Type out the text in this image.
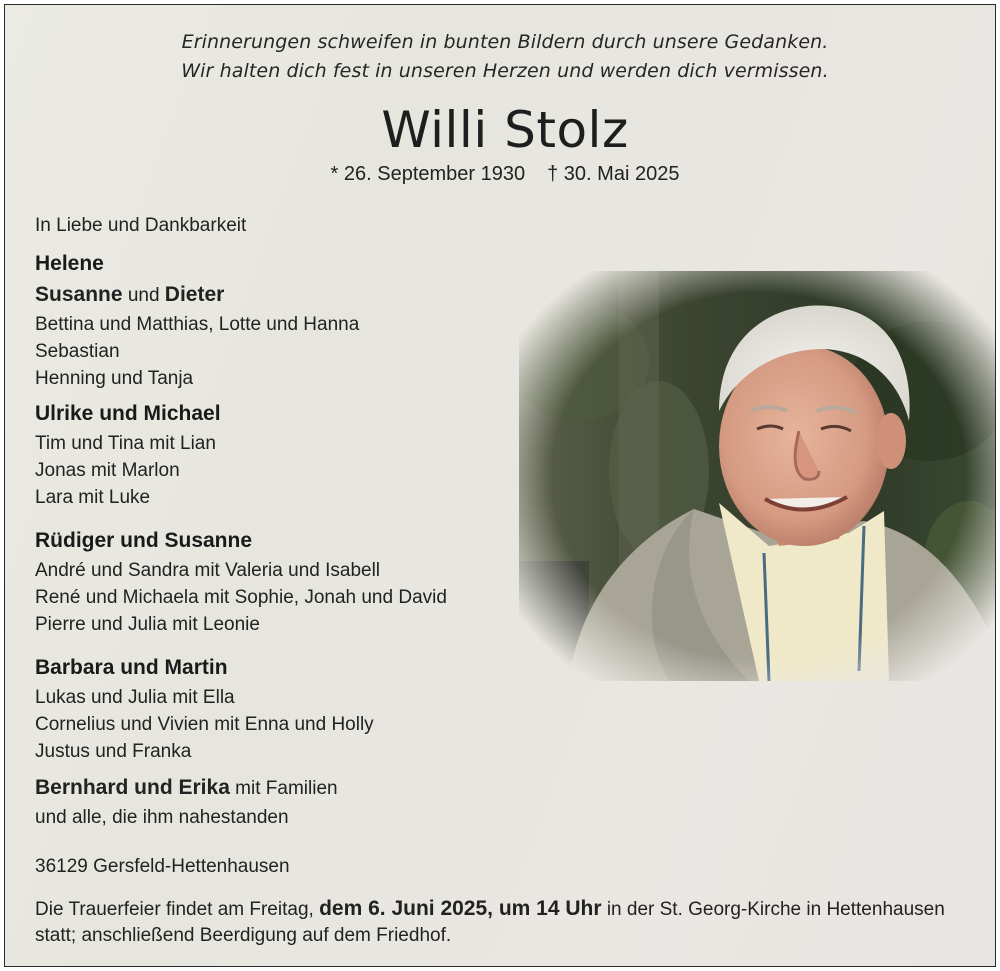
Erinnerungen schweifen in bunten Bildern durch unsere Gedanken.
Wir halten dich fest in unseren Herzen und werden dich vermissen.
Willi Stolz
* 26. September 1930 † 30. Mai 2025
In Liebe und Dankbarkeit
Helene
Susanne und Dieter
Bettina und Matthias, Lotte und Hanna
Sebastian
Henning und Tanja
Ulrike und Michael
Tim und Tina mit Lian
Jonas mit Marlon
Lara mit Luke
Rüdiger und Susanne
André und Sandra mit Valeria und Isabell
René und Michaela mit Sophie, Jonah und David
Pierre und Julia mit Leonie
Barbara und Martin
Lukas und Julia mit Ella
Cornelius und Vivien mit Enna und Holly
Justus und Franka
Bernhard und Erika mit Familien
und alle, die ihm nahestanden
36129 Gersfeld-Hettenhausen
Die Trauerfeier findet am Freitag, dem 6. Juni 2025, um 14 Uhr in der St. Georg-Kirche in Hettenhausen
statt; anschließend Beerdigung auf dem Friedhof.
